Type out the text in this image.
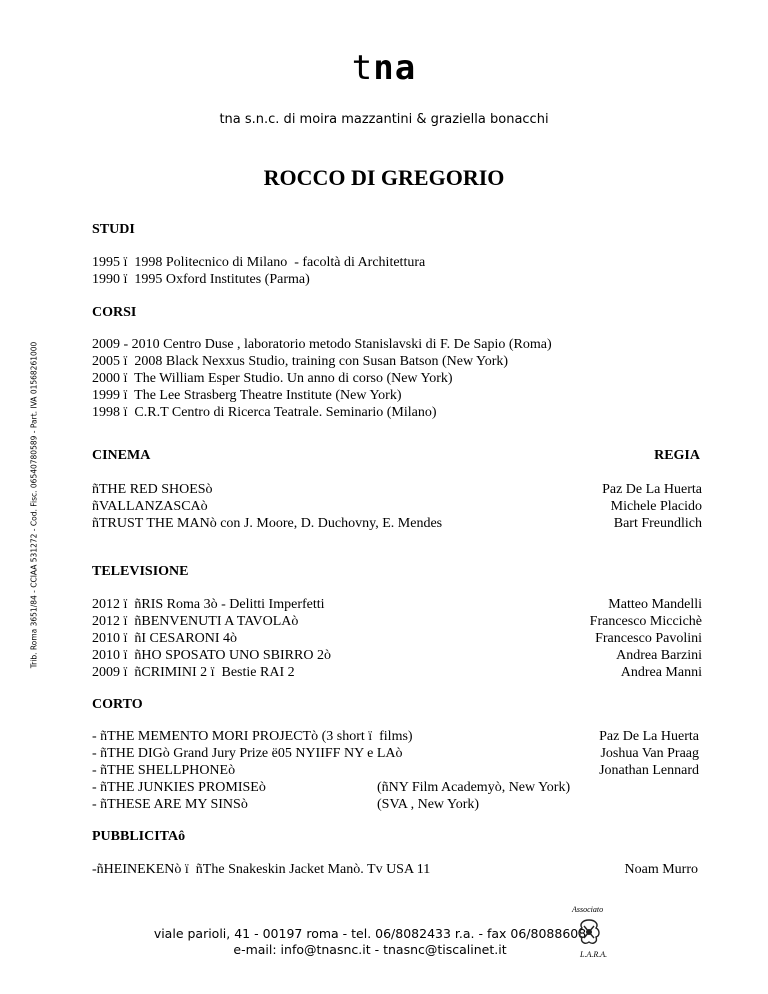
tna
tna s.n.c. di moira mazzantini & graziella bonacchi
Trib. Roma 3651/84 - CCIAA 531272 - Cod. Fisc. 06540780589 - Part. IVA 01568261000
ROCCO DI GREGORIO
STUDI
1995 ï  1998 Politecnico di Milano  - facoltà di Architettura
1990 ï  1995 Oxford Institutes (Parma)
CORSI
2009 - 2010 Centro Duse , laboratorio metodo Stanislavski di F. De Sapio (Roma)
2005 ï  2008 Black Nexxus Studio, training con Susan Batson (New York)
2000 ï  The William Esper Studio. Un anno di corso (New York)
1999 ï  The Lee Strasberg Theatre Institute (New York)
1998 ï  C.R.T Centro di Ricerca Teatrale. Seminario (Milano)
CINEMA	REGIA
ñTHE RED SHOESò	Paz De La Huerta
ñVALLANZASCAò	Michele Placido
ñTRUST THE MANò con J. Moore, D. Duchovny, E. Mendes	Bart Freundlich
TELEVISIONE
2012 ï  ñRIS Roma 3ò - Delitti Imperfetti	Matteo Mandelli
2012 ï  ñBENVENUTI A TAVOLAò	Francesco Miccichè
2010 ï  ñI CESARONI 4ò	Francesco Pavolini
2010 ï  ñHO SPOSATO UNO SBIRRO 2ò	Andrea Barzini
2009 ï  ñCRIMINI 2 ï  Bestie RAI 2	Andrea Manni
CORTO
- ñTHE MEMENTO MORI PROJECTò (3 short ï  films)	Paz De La Huerta
- ñTHE DIGò Grand Jury Prize ë05 NYIIFF NY e LAò	Joshua Van Praag
- ñTHE SHELLPHONEò	Jonathan Lennard
- ñTHE JUNKIES PROMISEò	(ñNY Film Academyò, New York)
- ñTHESE ARE MY SINSò	(SVA , New York)
PUBBLICITAô
-ñHEINEKENò ï  ñThe Snakeskin Jacket Manò. Tv USA 11	Noam Murro
viale parioli, 41 - 00197 roma - tel. 06/8082433 r.a. - fax 06/8088608
e-mail: info@tnasnc.it - tnasnc@tiscalinet.it
Associato
L.A.R.A.
